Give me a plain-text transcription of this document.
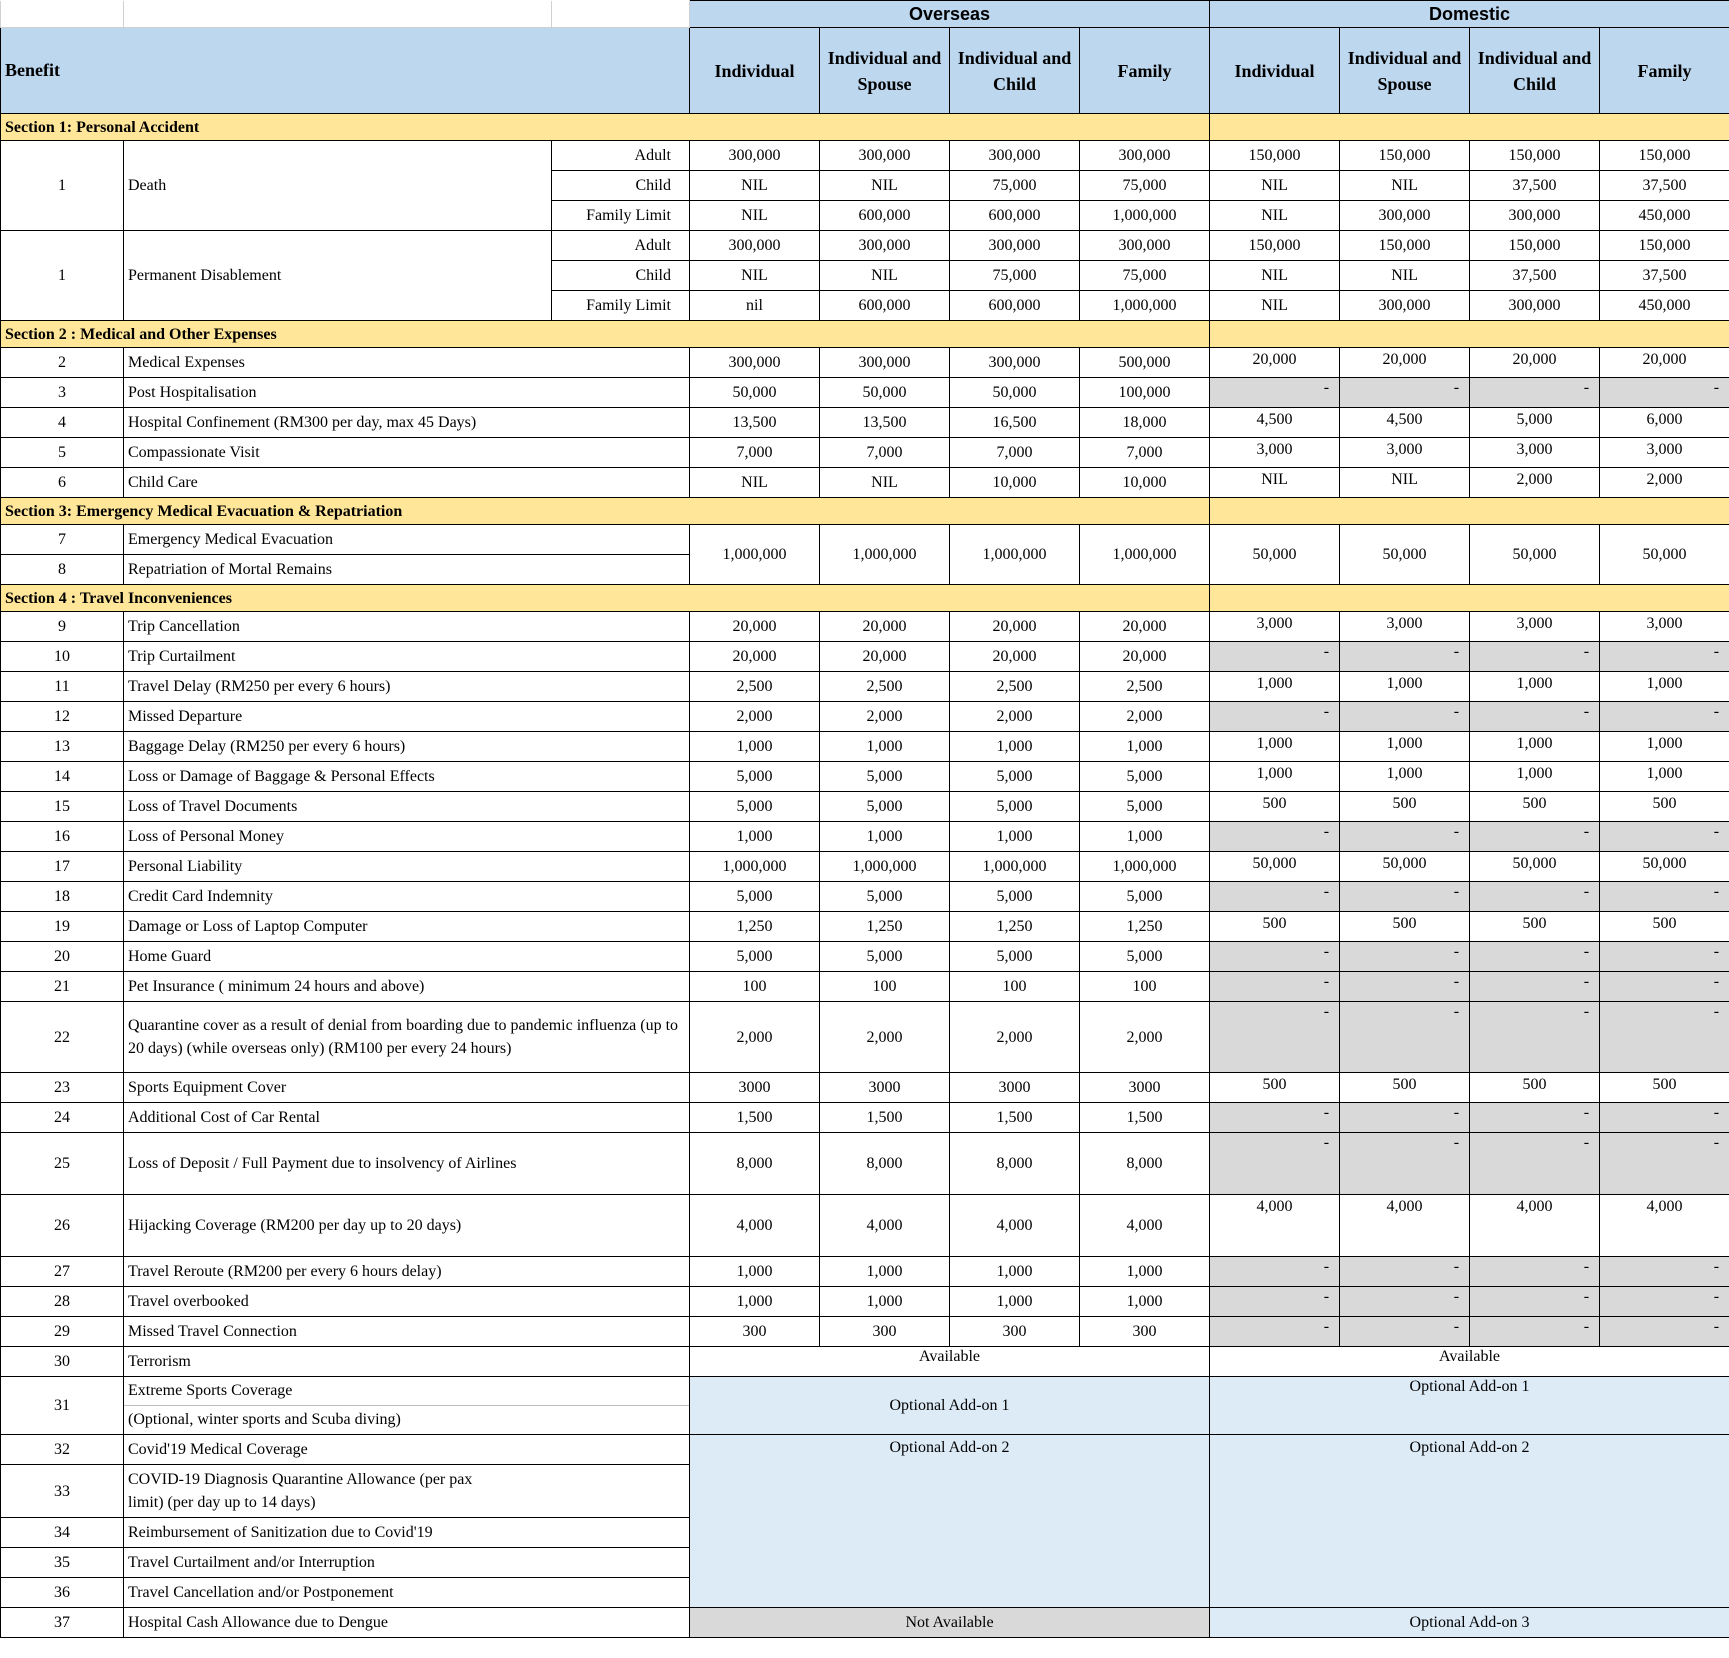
			Overseas				Domestic			
Benefit			Individual	Individual and Spouse	Individual and Child	Family	Individual	Individual and Spouse	Individual and Child	Family
Section 1: Personal Accident										
1	Death	Adult	300,000	300,000	300,000	300,000	150,000	150,000	150,000	150,000
		Child	NIL	NIL	75,000	75,000	NIL	NIL	37,500	37,500
		Family Limit	NIL	600,000	600,000	1,000,000	NIL	300,000	300,000	450,000
1	Permanent Disablement	Adult	300,000	300,000	300,000	300,000	150,000	150,000	150,000	150,000
		Child	NIL	NIL	75,000	75,000	NIL	NIL	37,500	37,500
		Family Limit	nil	600,000	600,000	1,000,000	NIL	300,000	300,000	450,000
Section 2 : Medical and Other Expenses										
2	Medical Expenses		300,000	300,000	300,000	500,000	20,000	20,000	20,000	20,000
3	Post Hospitalisation		50,000	50,000	50,000	100,000	-	-	-	-
4	Hospital Confinement (RM300 per day, max 45 Days)		13,500	13,500	16,500	18,000	4,500	4,500	5,000	6,000
5	Compassionate Visit		7,000	7,000	7,000	7,000	3,000	3,000	3,000	3,000
6	Child Care		NIL	NIL	10,000	10,000	NIL	NIL	2,000	2,000
Section 3: Emergency Medical Evacuation & Repatriation										
7	Emergency Medical Evacuation		1,000,000	1,000,000	1,000,000	1,000,000	50,000	50,000	50,000	50,000
8	Repatriation of Mortal Remains									
Section 4 : Travel Inconveniences										
9	Trip Cancellation		20,000	20,000	20,000	20,000	3,000	3,000	3,000	3,000
10	Trip Curtailment		20,000	20,000	20,000	20,000	-	-	-	-
11	Travel Delay (RM250 per every 6 hours)		2,500	2,500	2,500	2,500	1,000	1,000	1,000	1,000
12	Missed Departure		2,000	2,000	2,000	2,000	-	-	-	-
13	Baggage Delay (RM250 per every 6 hours)		1,000	1,000	1,000	1,000	1,000	1,000	1,000	1,000
14	Loss or Damage of Baggage & Personal Effects		5,000	5,000	5,000	5,000	1,000	1,000	1,000	1,000
15	Loss of Travel Documents		5,000	5,000	5,000	5,000	500	500	500	500
16	Loss of Personal Money		1,000	1,000	1,000	1,000	-	-	-	-
17	Personal Liability		1,000,000	1,000,000	1,000,000	1,000,000	50,000	50,000	50,000	50,000
18	Credit Card Indemnity		5,000	5,000	5,000	5,000	-	-	-	-
19	Damage or Loss of Laptop Computer		1,250	1,250	1,250	1,250	500	500	500	500
20	Home Guard		5,000	5,000	5,000	5,000	-	-	-	-
21	Pet Insurance ( minimum 24 hours and above)		100	100	100	100	-	-	-	-
22	Quarantine cover as a result of denial from boarding due to pandemic influenza (up to 20 days) (while overseas only) (RM100 per every 24 hours)		2,000	2,000	2,000	2,000	-	-	-	-
23	Sports Equipment Cover		3000	3000	3000	3000	500	500	500	500
24	Additional Cost of Car Rental		1,500	1,500	1,500	1,500	-	-	-	-
25	Loss of Deposit / Full Payment due to insolvency of Airlines		8,000	8,000	8,000	8,000	-	-	-	-
26	Hijacking Coverage (RM200 per day up to 20 days)		4,000	4,000	4,000	4,000	4,000	4,000	4,000	4,000
27	Travel Reroute (RM200 per every 6 hours delay)		1,000	1,000	1,000	1,000	-	-	-	-
28	Travel overbooked		1,000	1,000	1,000	1,000	-	-	-	-
29	Missed Travel Connection		300	300	300	300	-	-	-	-
30	Terrorism		Available				Available			
31	Extreme Sports Coverage
(Optional, winter sports and Scuba diving)		Optional Add-on 1				Optional Add-on 1			
32	Covid'19 Medical Coverage		Optional Add-on 2				Optional Add-on 2			
33	COVID-19 Diagnosis Quarantine Allowance (per pax limit) (per day up to 14 days)									
34	Reimbursement of Sanitization due to Covid'19									
35	Travel Curtailment and/or Interruption									
36	Travel Cancellation and/or Postponement									
37	Hospital Cash Allowance due to Dengue		Not Available				Optional Add-on 3			
